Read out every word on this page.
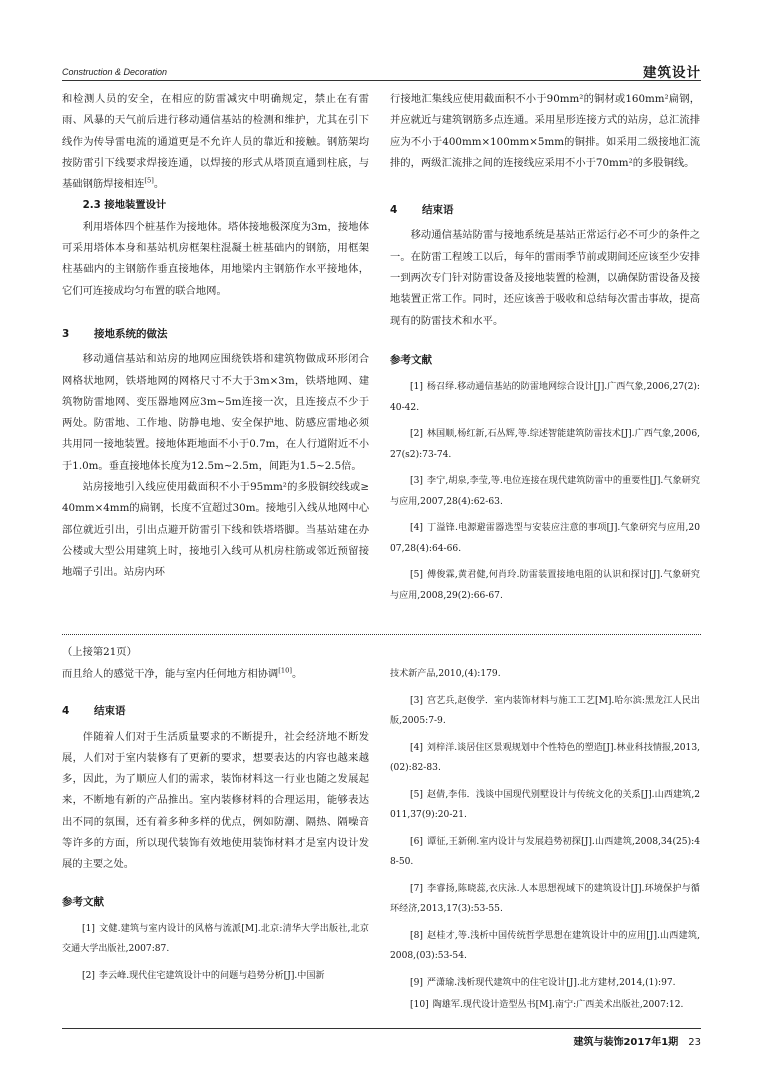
Construction & Decoration	建筑设计

和检测人员的安全，在相应的防雷减灾中明确规定，禁止在有雷雨、风暴的天气前后进行移动通信基站的检测和维护，尤其在引下线作为传导雷电流的通道更是不允许人员的靠近和接触。钢筋架均按防雷引下线要求焊接连通，以焊接的形式从塔顶直通到柱底，与基础钢筋焊接相连[5]。

2.3 接地装置设计

利用塔体四个桩基作为接地体。塔体接地极深度为3m，接地体可采用塔体本身和基站机房框架柱混凝土桩基础内的钢筋，用框架柱基础内的主钢筋作垂直接地体，用地梁内主钢筋作水平接地体，它们可连接成均匀布置的联合地网。

3 接地系统的做法

移动通信基站和站房的地网应围绕铁塔和建筑物做成环形闭合网格状地网，铁塔地网的网格尺寸不大于3m×3m，铁塔地网、建筑物防雷地网、变压器地网应3m~5m连接一次，且连接点不少于两处。防雷地、工作地、防静电地、安全保护地、防感应雷地必须共用同一接地装置。接地体距地面不小于0.7m，在人行道附近不小于1.0m。垂直接地体长度为12.5m~2.5m，间距为1.5~2.5倍。

站房接地引入线应使用截面积不小于95mm²的多股铜绞线或≥40mm×4mm的扁钢，长度不宜超过30m。接地引入线从地网中心部位就近引出，引出点避开防雷引下线和铁塔塔脚。当基站建在办公楼或大型公用建筑上时，接地引入线可从机房柱筋或邻近预留接地端子引出。站房内环

行接地汇集线应使用截面积不小于90mm²的铜材或160mm²扁钢，并应就近与建筑钢筋多点连通。采用星形连接方式的站房，总汇流排应为不小于400mm×100mm×5mm的铜排。如采用二级接地汇流排的，两级汇流排之间的连接线应采用不小于70mm²的多股铜线。

4 结束语

移动通信基站防雷与接地系统是基站正常运行必不可少的条件之一。在防雷工程竣工以后，每年的雷雨季节前或期间还应该至少安排一到两次专门针对防雷设备及接地装置的检测，以确保防雷设备及接地装置正常工作。同时，还应该善于吸收和总结每次雷击事故，提高现有的防雷技术和水平。

参考文献
[1] 杨召绎.移动通信基站的防雷地网综合设计[J].广西气象,2006,27(2):40-42.
[2] 林国顺,杨红新,石丛辉,等.综述智能建筑防雷技术[J].广西气象,2006,27(s2):73-74.
[3] 李宁,胡泉,李莹,等.电位连接在现代建筑防雷中的重要性[J].气象研究与应用,2007,28(4):62-63.
[4] 丁溢锋.电源避雷器选型与安装应注意的事项[J].气象研究与应用,2007,28(4):64-66.
[5] 傅俊霖,黄君健,何肖玲.防雷装置接地电阻的认识和探讨[J].气象研究与应用,2008,29(2):66-67.
（上接第21页）

而且给人的感觉干净，能与室内任何地方相协调[10]。

4 结束语

伴随着人们对于生活质量要求的不断提升，社会经济地不断发展，人们对于室内装修有了更新的要求，想要表达的内容也越来越多，因此，为了顺应人们的需求，装饰材料这一行业也随之发展起来，不断地有新的产品推出。室内装修材料的合理运用，能够表达出不同的氛围，还有着多种多样的优点，例如防潮、隔热、隔噪音等许多的方面，所以现代装饰有效地使用装饰材料才是室内设计发展的主要之处。

参考文献
[1] 文健.建筑与室内设计的风格与流派[M].北京:清华大学出版社,北京交通大学出版社,2007:87.
[2] 李云峰.现代住宅建筑设计中的问题与趋势分析[J].中国新
技术新产品,2010,(4):179.
[3] 宫艺兵,赵俊学．室内装饰材料与施工工艺[M].哈尔滨:黑龙江人民出版,2005:7-9.
[4] 刘梓洋.谈居住区景观规划中个性特色的塑造[J].林业科技情报,2013,(02):82-83.
[5] 赵倩,李伟．浅谈中国现代别墅设计与传统文化的关系[J].山西建筑,2011,37(9):20-21.
[6] 谭征,王新俐.室内设计与发展趋势初探[J].山西建筑,2008,34(25):48-50.
[7] 李睿扬,陈晓蕊,衣庆泳.人本思想视域下的建筑设计[J].环境保护与循环经济,2013,17(3):53-55.
[8] 赵桂才,等.浅析中国传统哲学思想在建筑设计中的应用[J].山西建筑,2008,(03):53-54.
[9] 严潇瑜.浅析现代建筑中的住宅设计[J].北方建材,2014,(1):97.
[10] 陶雄军.现代设计造型丛书[M].南宁:广西美术出版社,2007:12.
建筑与装饰2017年1期 23
